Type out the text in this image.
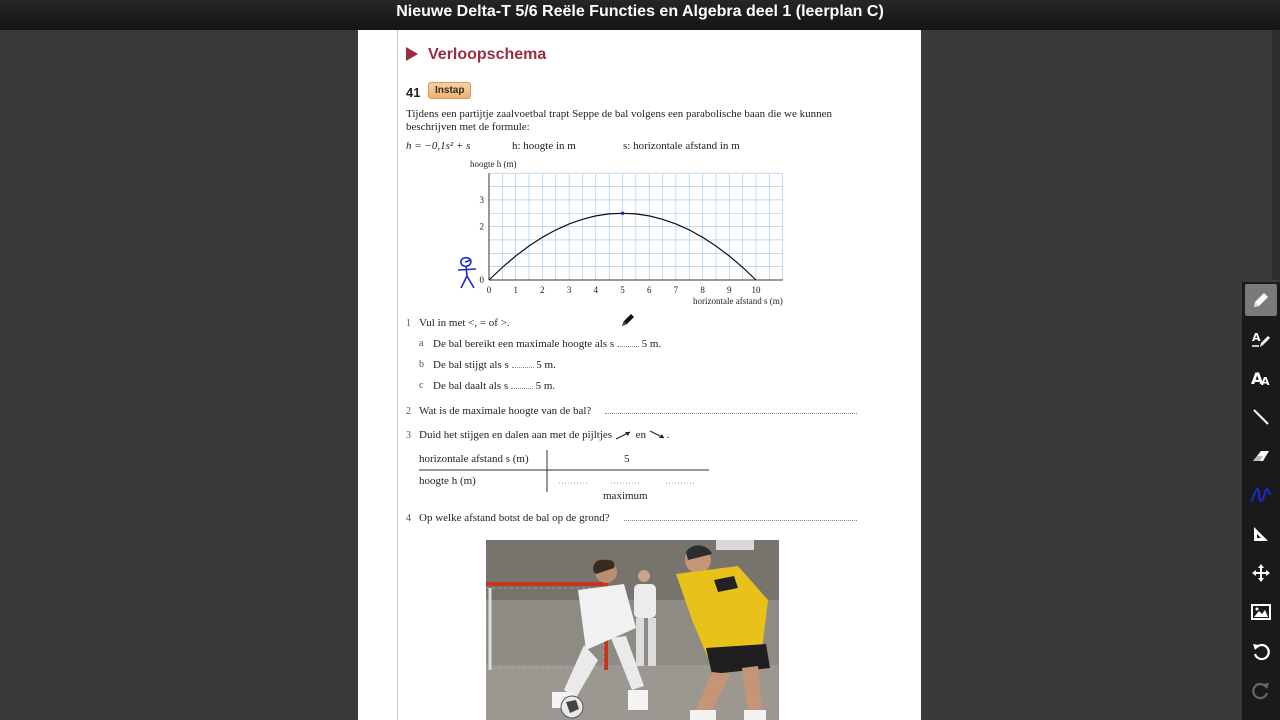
Nieuwe Delta-T 5/6 Reële Functies en Algebra deel 1 (leerplan C)
Verloopschema
41	Instap
Tijdens een partijtje zaalvoetbal trapt Seppe de bal volgens een parabolische baan die we kunnen beschrijven met de formule:
h = −0,1s² + s	h: hoogte in m	s: horizontale afstand in m
0 1 2 3 4 5 6 7 8 9 10
0
2
3
hoogte h (m)
horizontale afstand s (m)
1 Vul in met <, = of >.
a De bal bereikt een maximale hoogte als s	5 m.
b De bal stijgt als s	5 m.
c De bal daalt als s	5 m.
2 Wat is de maximale hoogte van de bal?
3 Duid het stijgen en dalen aan met de pijltjes en .
horizontale afstand s (m)	5
hoogte h (m)
maximum
4 Op welke afstand botst de bal op de grond?
A
A
A
